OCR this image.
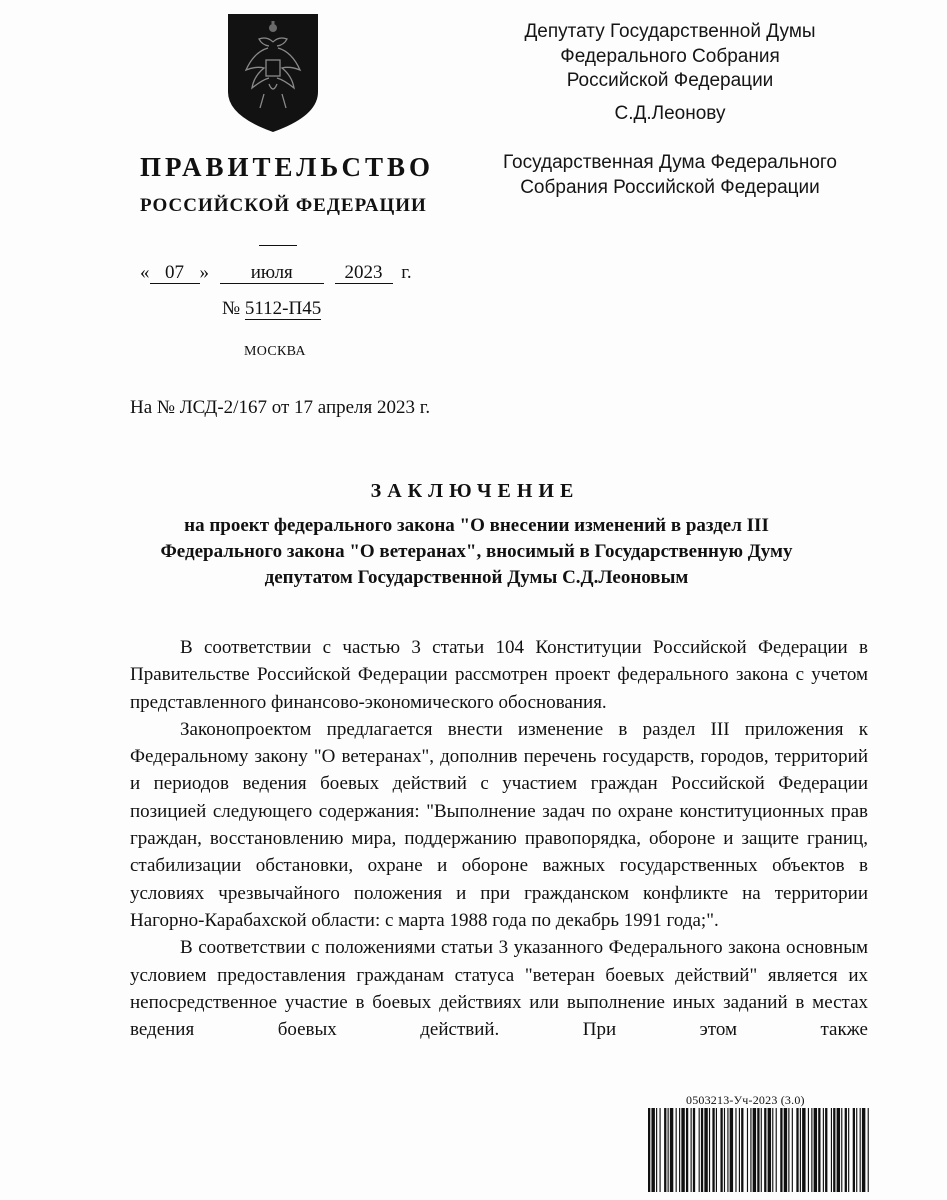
ПРАВИТЕЛЬСТВО
РОССИЙСКОЙ ФЕДЕРАЦИИ
« 07 » июля	2023 г.
№ 5112-П45
МОСКВА
На № ЛСД-2/167 от 17 апреля 2023 г.
Депутату Государственной Думы
Федерального Собрания
Российской Федерации
С.Д.Леонову
Государственная Дума Федерального
Собрания Российской Федерации
ЗАКЛЮЧЕНИЕ
на проект федерального закона "О внесении изменений в раздел III
Федерального закона "О ветеранах", вносимый в Государственную Думу
депутатом Государственной Думы С.Д.Леоновым

В соответствии с частью 3 статьи 104 Конституции Российской Федерации в Правительстве Российской Федерации рассмотрен проект федерального закона с учетом представленного финансово-экономического обоснования.

Законопроектом предлагается внести изменение в раздел III приложения к Федеральному закону "О ветеранах", дополнив перечень государств, городов, территорий и периодов ведения боевых действий с участием граждан Российской Федерации позицией следующего содержания: "Выполнение задач по охране конституционных прав граждан, восстановлению мира, поддержанию правопорядка, обороне и защите границ, стабилизации обстановки, охране и обороне важных государственных объектов в условиях чрезвычайного положения и при гражданском конфликте на территории Нагорно-Карабахской области: с марта 1988 года по декабрь 1991 года;".

В соответствии с положениями статьи 3 указанного Федерального закона основным условием предоставления гражданам статуса "ветеран боевых действий" является их непосредственное участие в боевых действиях или выполнение иных заданий в местах ведения боевых действий. При этом также

0503213-Уч-2023 (3.0)
